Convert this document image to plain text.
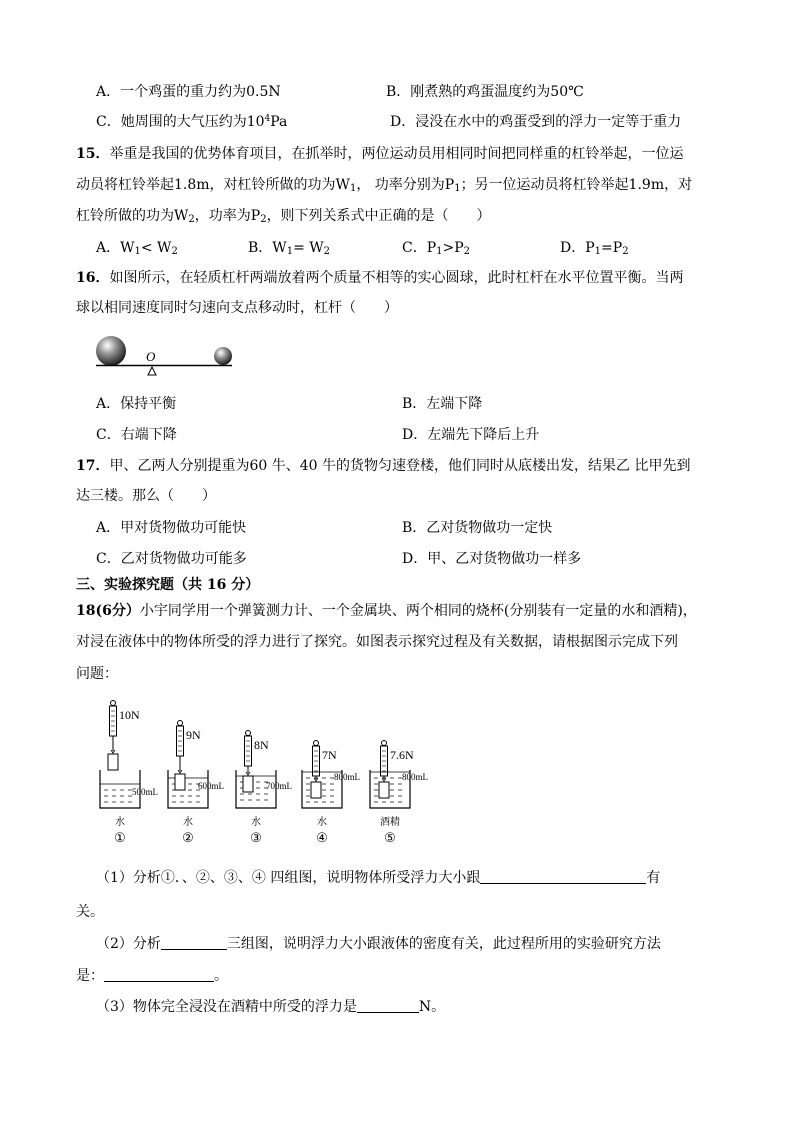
A．一个鸡蛋的重力约为0.5N	B．刚煮熟的鸡蛋温度约为50℃
C．她周围的大气压约为$10^4Pa$	D．浸没在水中的鸡蛋受到的浮力一定等于重力
15．举重是我国的优势体育项目，在抓举时，两位运动员用相同时间把同样重的杠铃举起，一位运
动员将杠铃举起1.8m，对杠铃所做的功为$W_1$， 功率分别为$P_1$；另一位运动员将杠铃举起1.9m，对
杠铃所做的功为$W_2$，功率为$P_2$，则下列关系式中正确的是（　　）
A．$W_1< W_2$	B．$W_1= W_2$	C．$P_1>P_2$	D．$P_1=P_2$
16．如图所示，在轻质杠杆两端放着两个质量不相等的实心圆球，此时杠杆在水平位置平衡。当两
球以相同速度同时匀速向支点移动时，杠杆（　　）
O
A．保持平衡	B．左端下降
C．右端下降	D．左端先下降后上升
17．甲、乙两人分别提重为60 牛、40 牛的货物匀速登楼，他们同时从底楼出发，结果乙 比甲先到
达三楼。那么（　　）
A．甲对货物做功可能快	B．乙对货物做功一定快
C．乙对货物做功可能多	D．甲、乙对货物做功一样多
三、实验探究题（共 16 分）
18(6分）小宇同学用一个弹簧测力计、一个金属块、两个相同的烧杯(分别装有一定量的水和酒精)，
对浸在液体中的物体所受的浮力进行了探究。如图表示探究过程及有关数据，请根据图示完成下列
问题：
10N
500mL
水
①
9N
600mL
水
②
8N
700mL
水
③
7N
800mL
水
④
7.6N
800mL
酒精
⑤
（1）分析①．、②、③、④ 四组图，说明物体所受浮力大小跟	有
关。
（2）分析	三组图，说明浮力大小跟液体的密度有关，此过程所用的实验研究方法
是：	。
（3）物体完全浸没在酒精中所受的浮力是	N。
